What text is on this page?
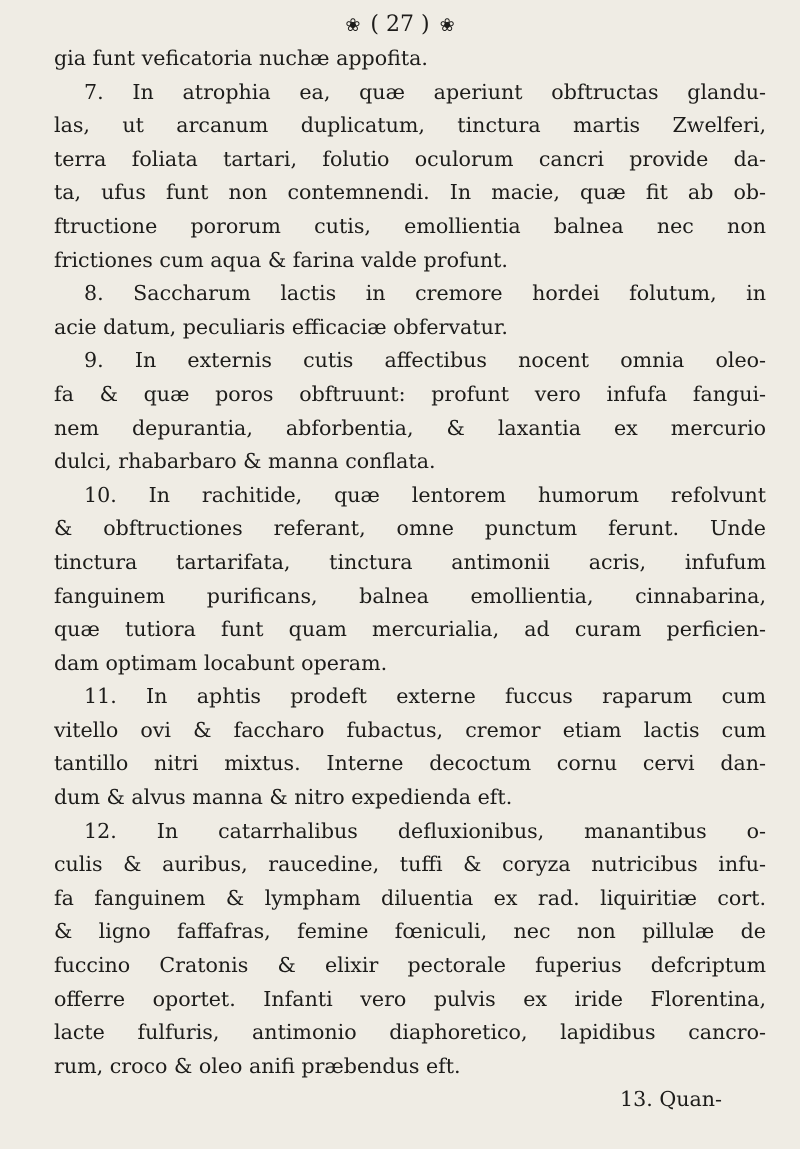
❀ ( 27 ) ❀
gia funt veficatoria nuchæ appofita.
7. In atrophia ea, quæ aperiunt obftructas glandu-
las, ut arcanum duplicatum, tinctura martis Zwelferi,
terra foliata tartari, folutio oculorum cancri provide da-
ta, ufus funt non contemnendi. In macie, quæ fit ab ob-
ftructione pororum cutis, emollientia balnea nec non
frictiones cum aqua & farina valde profunt.
8. Saccharum lactis in cremore hordei folutum, in
acie datum, peculiaris efficaciæ obfervatur.
9. In externis cutis affectibus nocent omnia oleo-
fa & quæ poros obftruunt: profunt vero infufa fangui-
nem depurantia, abforbentia, & laxantia ex mercurio
dulci, rhabarbaro & manna conflata.
10. In rachitide, quæ lentorem humorum refolvunt
& obftructiones referant, omne punctum ferunt. Unde
tinctura tartarifata, tinctura antimonii acris, infufum
fanguinem purificans, balnea emollientia, cinnabarina,
quæ tutiora funt quam mercurialia, ad curam perficien-
dam optimam locabunt operam.
11. In aphtis prodeft externe fuccus raparum cum
vitello ovi & faccharo fubactus, cremor etiam lactis cum
tantillo nitri mixtus. Interne decoctum cornu cervi dan-
dum & alvus manna & nitro expedienda eft.
12. In catarrhalibus defluxionibus, manantibus o-
culis & auribus, raucedine, tuffi & coryza nutricibus infu-
fa fanguinem & lympham diluentia ex rad. liquiritiæ cort.
& ligno faffafras, femine fœniculi, nec non pillulæ de
fuccino Cratonis & elixir pectorale fuperius defcriptum
offerre oportet. Infanti vero pulvis ex iride Florentina,
lacte fulfuris, antimonio diaphoretico, lapidibus cancro-
rum, croco & oleo anifi præbendus eft.
13. Quan-
